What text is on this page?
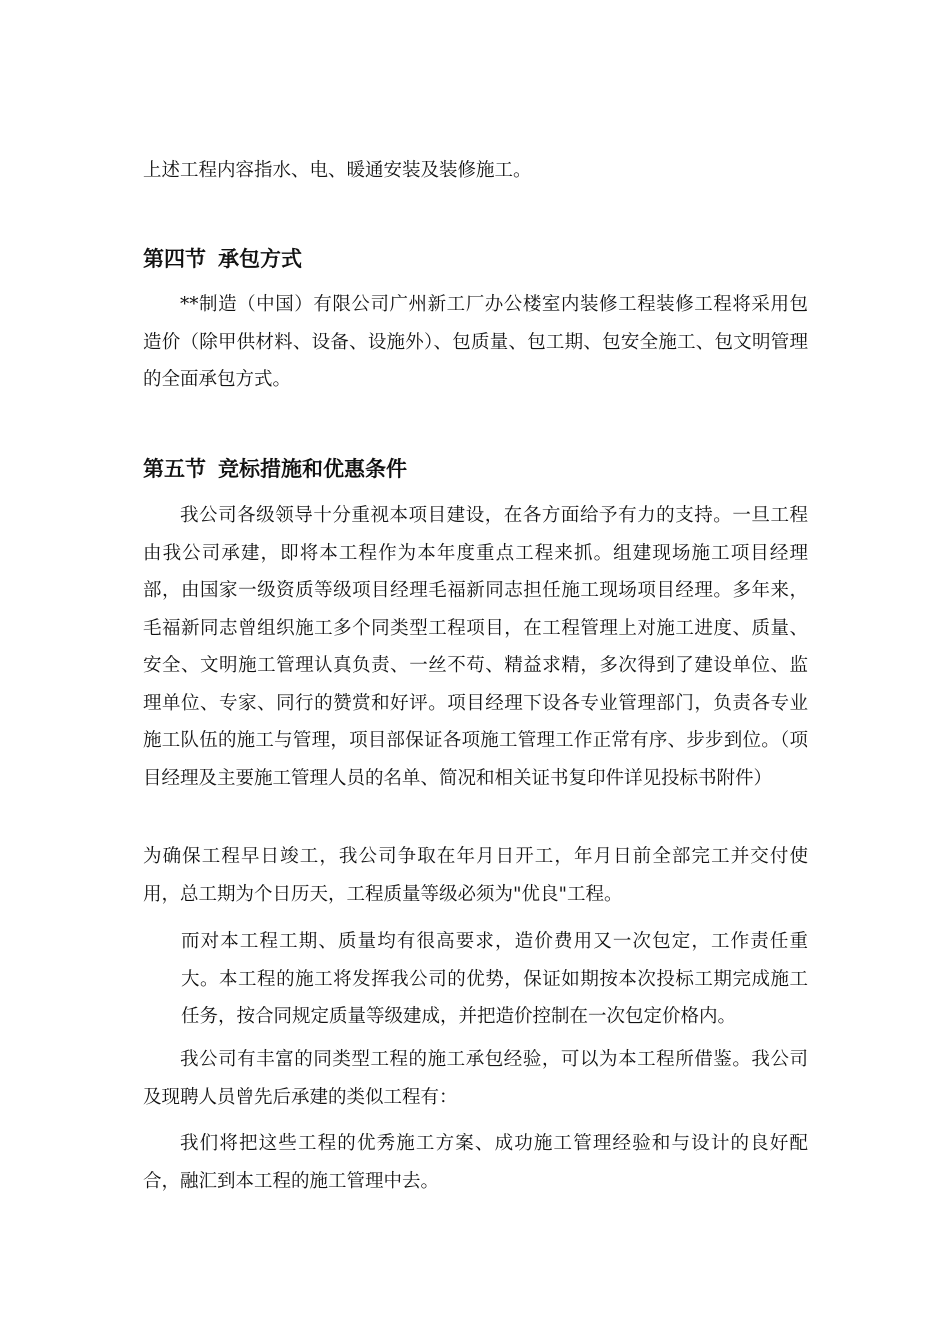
上述工程内容指水、电、暖通安装及装修施工。

第四节 承包方式

**制造（中国）有限公司广州新工厂办公楼室内装修工程装修工程将采用包造价（除甲供材料、设备、设施外）、包质量、包工期、包安全施工、包文明管理的全面承包方式。

第五节 竞标措施和优惠条件

我公司各级领导十分重视本项目建设，在各方面给予有力的支持。一旦工程由我公司承建，即将本工程作为本年度重点工程来抓。组建现场施工项目经理部，由国家一级资质等级项目经理毛福新同志担任施工现场项目经理。多年来，毛福新同志曾组织施工多个同类型工程项目，在工程管理上对施工进度、质量、安全、文明施工管理认真负责、一丝不苟、精益求精，多次得到了建设单位、监理单位、专家、同行的赞赏和好评。项目经理下设各专业管理部门，负责各专业施工队伍的施工与管理，项目部保证各项施工管理工作正常有序、步步到位。（项目经理及主要施工管理人员的名单、简况和相关证书复印件详见投标书附件）

为确保工程早日竣工，我公司争取在年月日开工，年月日前全部完工并交付使用，总工期为个日历天，工程质量等级必须为"优良"工程。

而对本工程工期、质量均有很高要求，造价费用又一次包定，工作责任重大。本工程的施工将发挥我公司的优势，保证如期按本次投标工期完成施工任务，按合同规定质量等级建成，并把造价控制在一次包定价格内。

我公司有丰富的同类型工程的施工承包经验，可以为本工程所借鉴。我公司及现聘人员曾先后承建的类似工程有：

我们将把这些工程的优秀施工方案、成功施工管理经验和与设计的良好配合，融汇到本工程的施工管理中去。
